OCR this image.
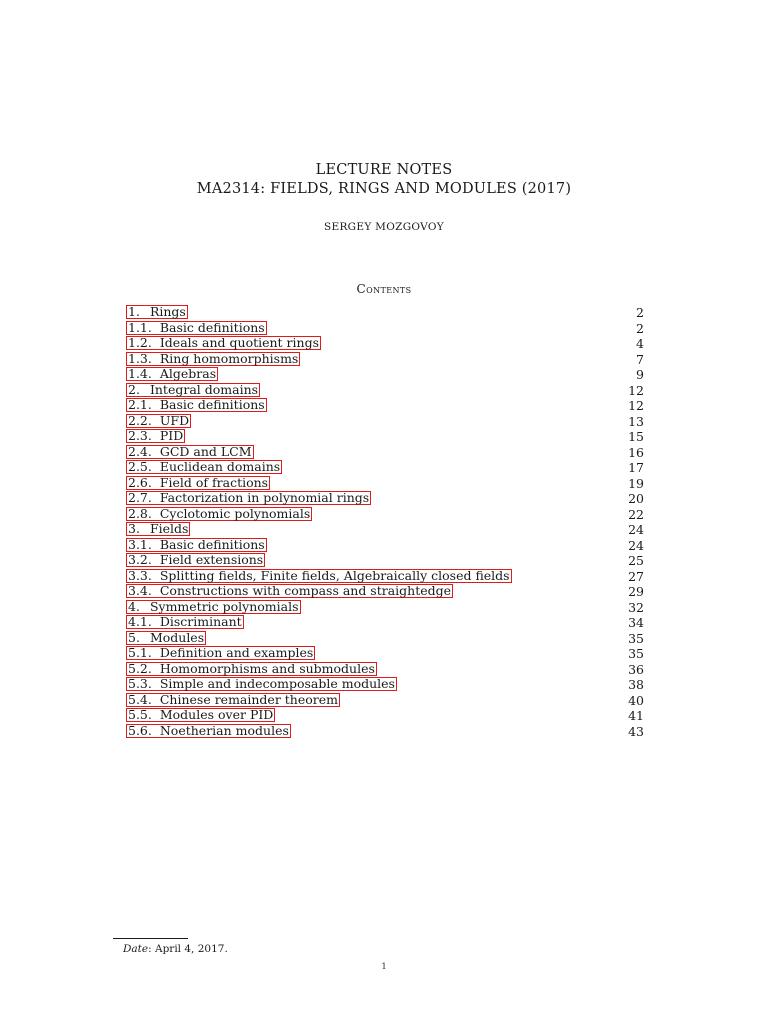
LECTURE NOTES
MA2314: FIELDS, RINGS AND MODULES (2017)
SERGEY MOZGOVOY
Contents
1. Rings	2
1.1. Basic definitions	2
1.2. Ideals and quotient rings	4
1.3. Ring homomorphisms	7
1.4. Algebras	9
2. Integral domains	12
2.1. Basic definitions	12
2.2. UFD	13
2.3. PID	15
2.4. GCD and LCM	16
2.5. Euclidean domains	17
2.6. Field of fractions	19
2.7. Factorization in polynomial rings	20
2.8. Cyclotomic polynomials	22
3. Fields	24
3.1. Basic definitions	24
3.2. Field extensions	25
3.3. Splitting fields, Finite fields, Algebraically closed fields	27
3.4. Constructions with compass and straightedge	29
4. Symmetric polynomials	32
4.1. Discriminant	34
5. Modules	35
5.1. Definition and examples	35
5.2. Homomorphisms and submodules	36
5.3. Simple and indecomposable modules	38
5.4. Chinese remainder theorem	40
5.5. Modules over PID	41
5.6. Noetherian modules	43
Date: April 4, 2017.
1
